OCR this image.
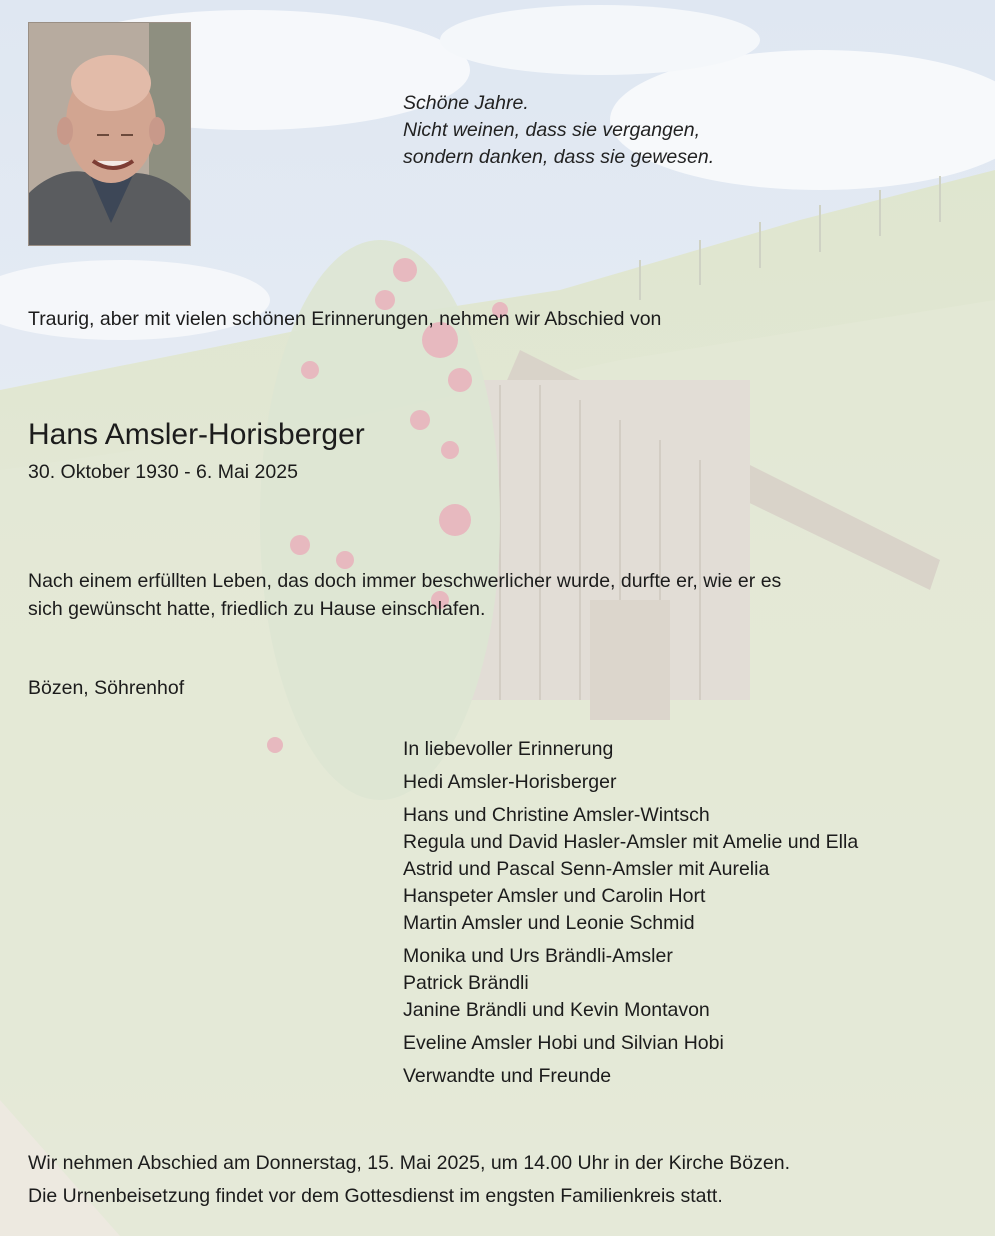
Schöne Jahre.
Nicht weinen, dass sie vergangen,
sondern danken, dass sie gewesen.
Traurig, aber mit vielen schönen Erinnerungen, nehmen wir Abschied von
Hans Amsler-Horisberger
30. Oktober 1930 - 6. Mai 2025
Nach einem erfüllten Leben, das doch immer beschwerlicher wurde, durfte er, wie er es
sich gewünscht hatte, friedlich zu Hause einschlafen.
Bözen, Söhrenhof
In liebevoller Erinnerung
Hedi Amsler-Horisberger
Hans und Christine Amsler-Wintsch
Regula und David Hasler-Amsler mit Amelie und Ella
Astrid und Pascal Senn-Amsler mit Aurelia
Hanspeter Amsler und Carolin Hort
Martin Amsler und Leonie Schmid
Monika und Urs Brändli-Amsler
Patrick Brändli
Janine Brändli und Kevin Montavon
Eveline Amsler Hobi und Silvian Hobi
Verwandte und Freunde
Wir nehmen Abschied am Donnerstag, 15. Mai 2025, um 14.00 Uhr in der Kirche Bözen.
Die Urnenbeisetzung findet vor dem Gottesdienst im engsten Familienkreis statt.
